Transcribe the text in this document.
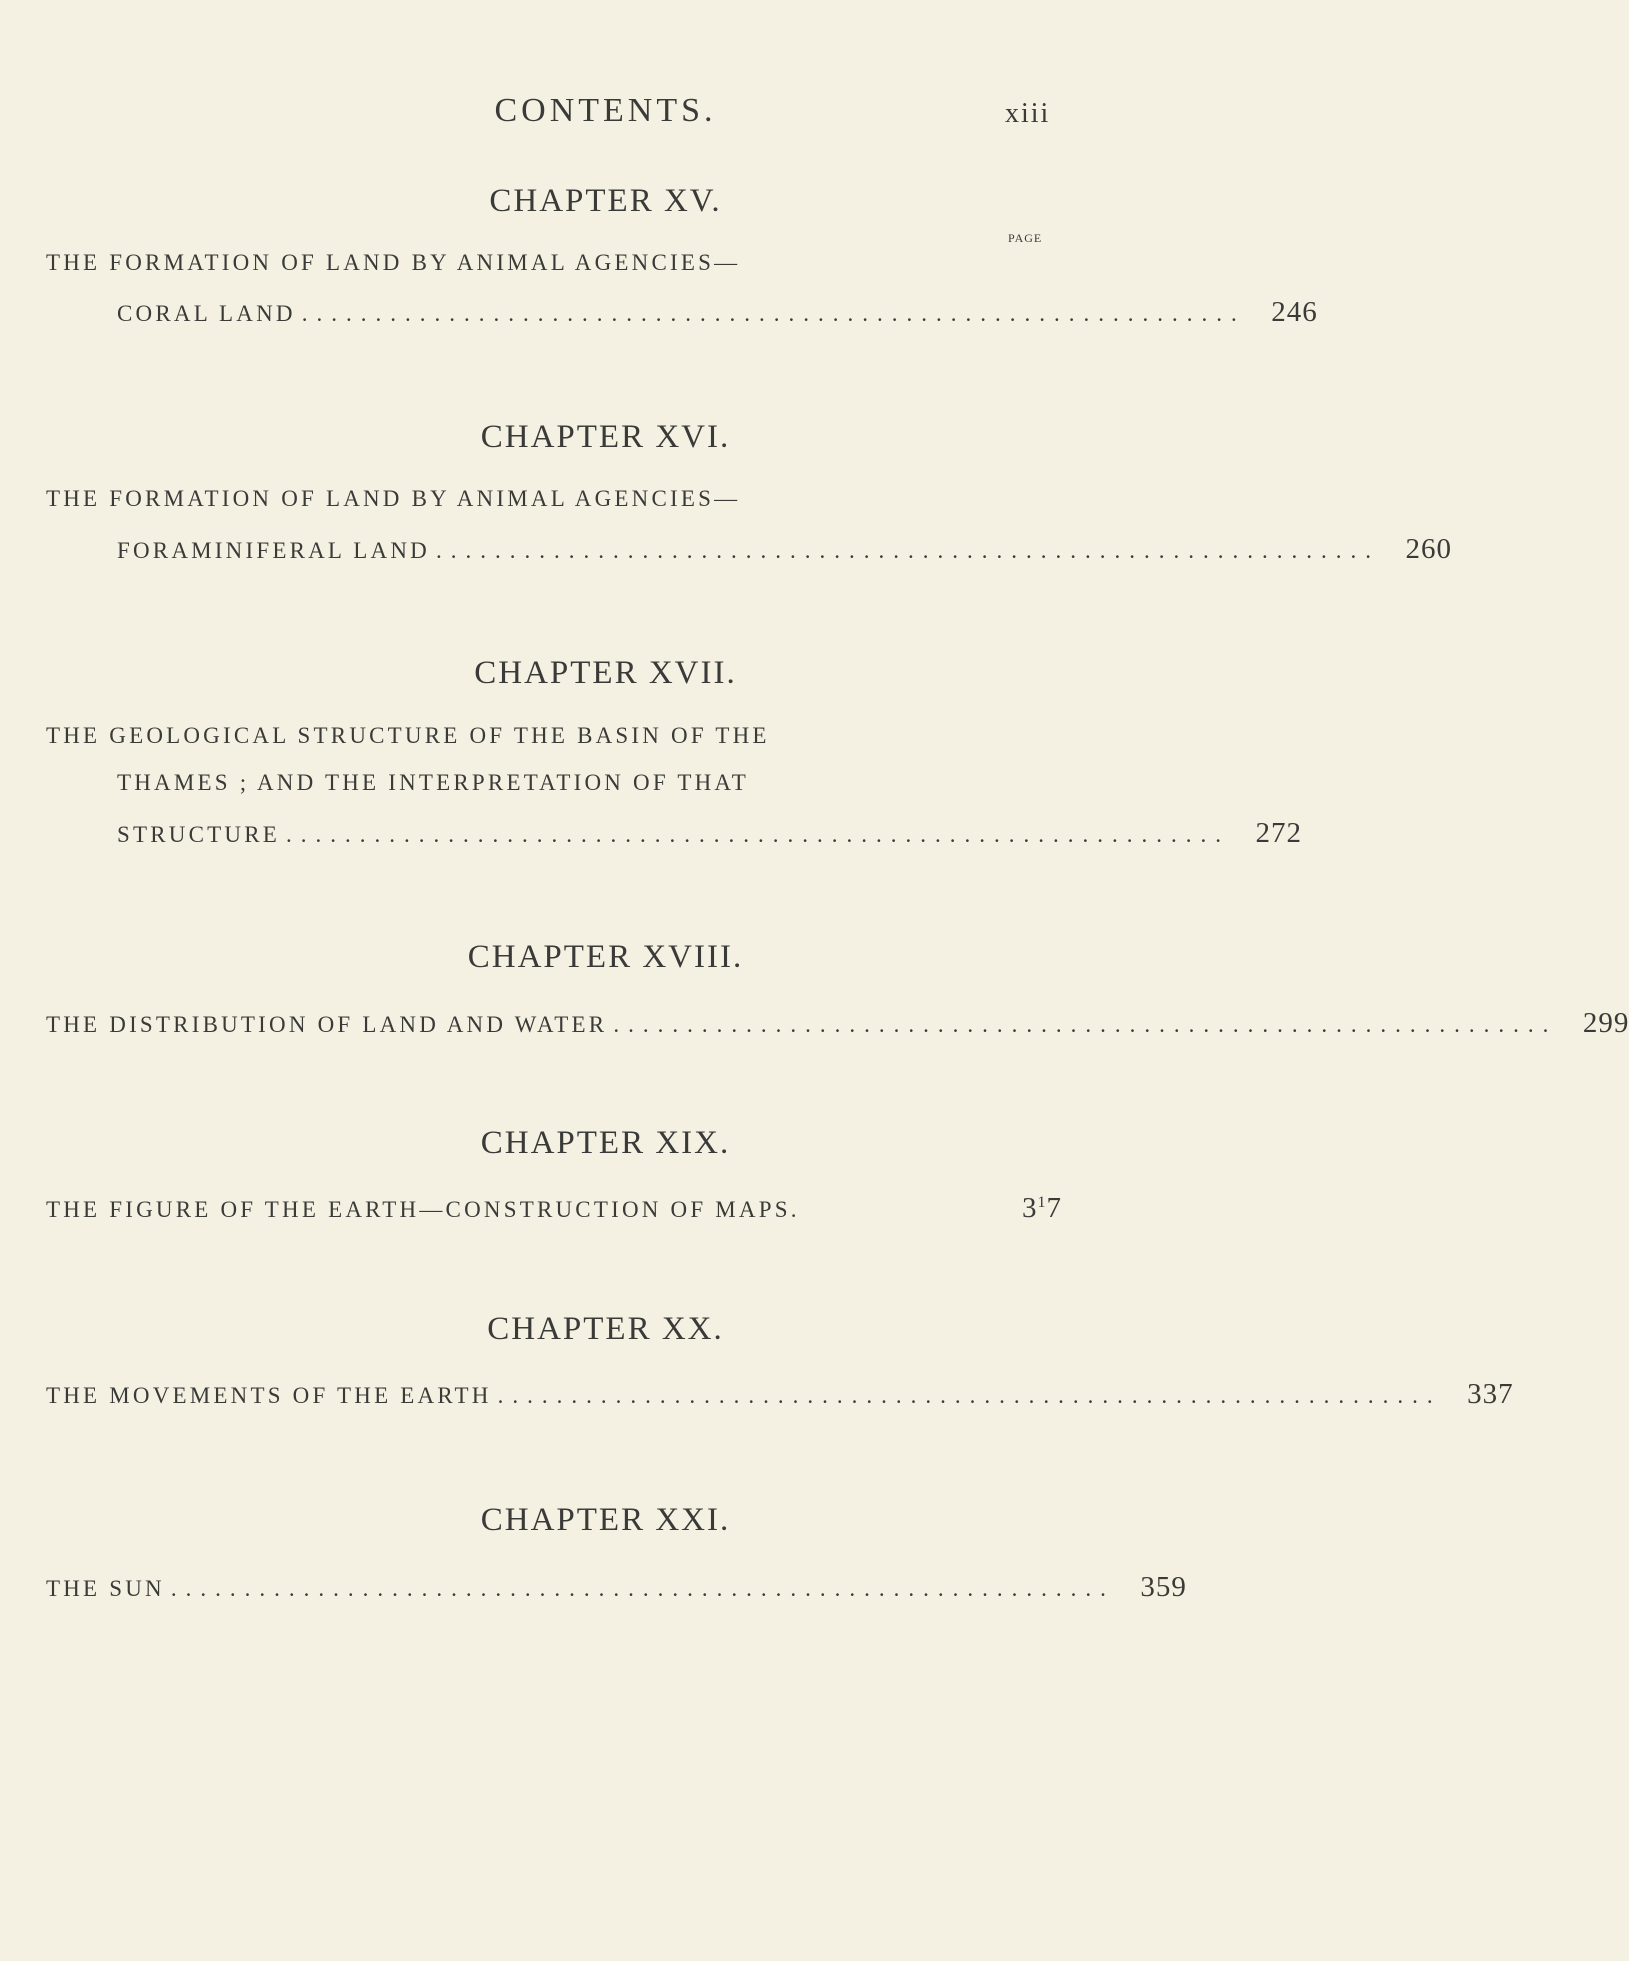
CONTENTS.	xiii
PAGE
CHAPTER XV.
THE FORMATION OF LAND BY ANIMAL AGENCIES—
CORAL LAND ................................................................ 246
CHAPTER XVI.
THE FORMATION OF LAND BY ANIMAL AGENCIES—
FORAMINIFERAL LAND ................................................................ 260
CHAPTER XVII.
THE GEOLOGICAL STRUCTURE OF THE BASIN OF THE
THAMES ; AND THE INTERPRETATION OF THAT
STRUCTURE ................................................................ 272
CHAPTER XVIII.
THE DISTRIBUTION OF LAND AND WATER ................................................................ 299
CHAPTER XIX.
THE FIGURE OF THE EARTH—CONSTRUCTION OF MAPS.	$3^17$
CHAPTER XX.
THE MOVEMENTS OF THE EARTH ................................................................ 337
CHAPTER XXI.
THE SUN ................................................................ 359
